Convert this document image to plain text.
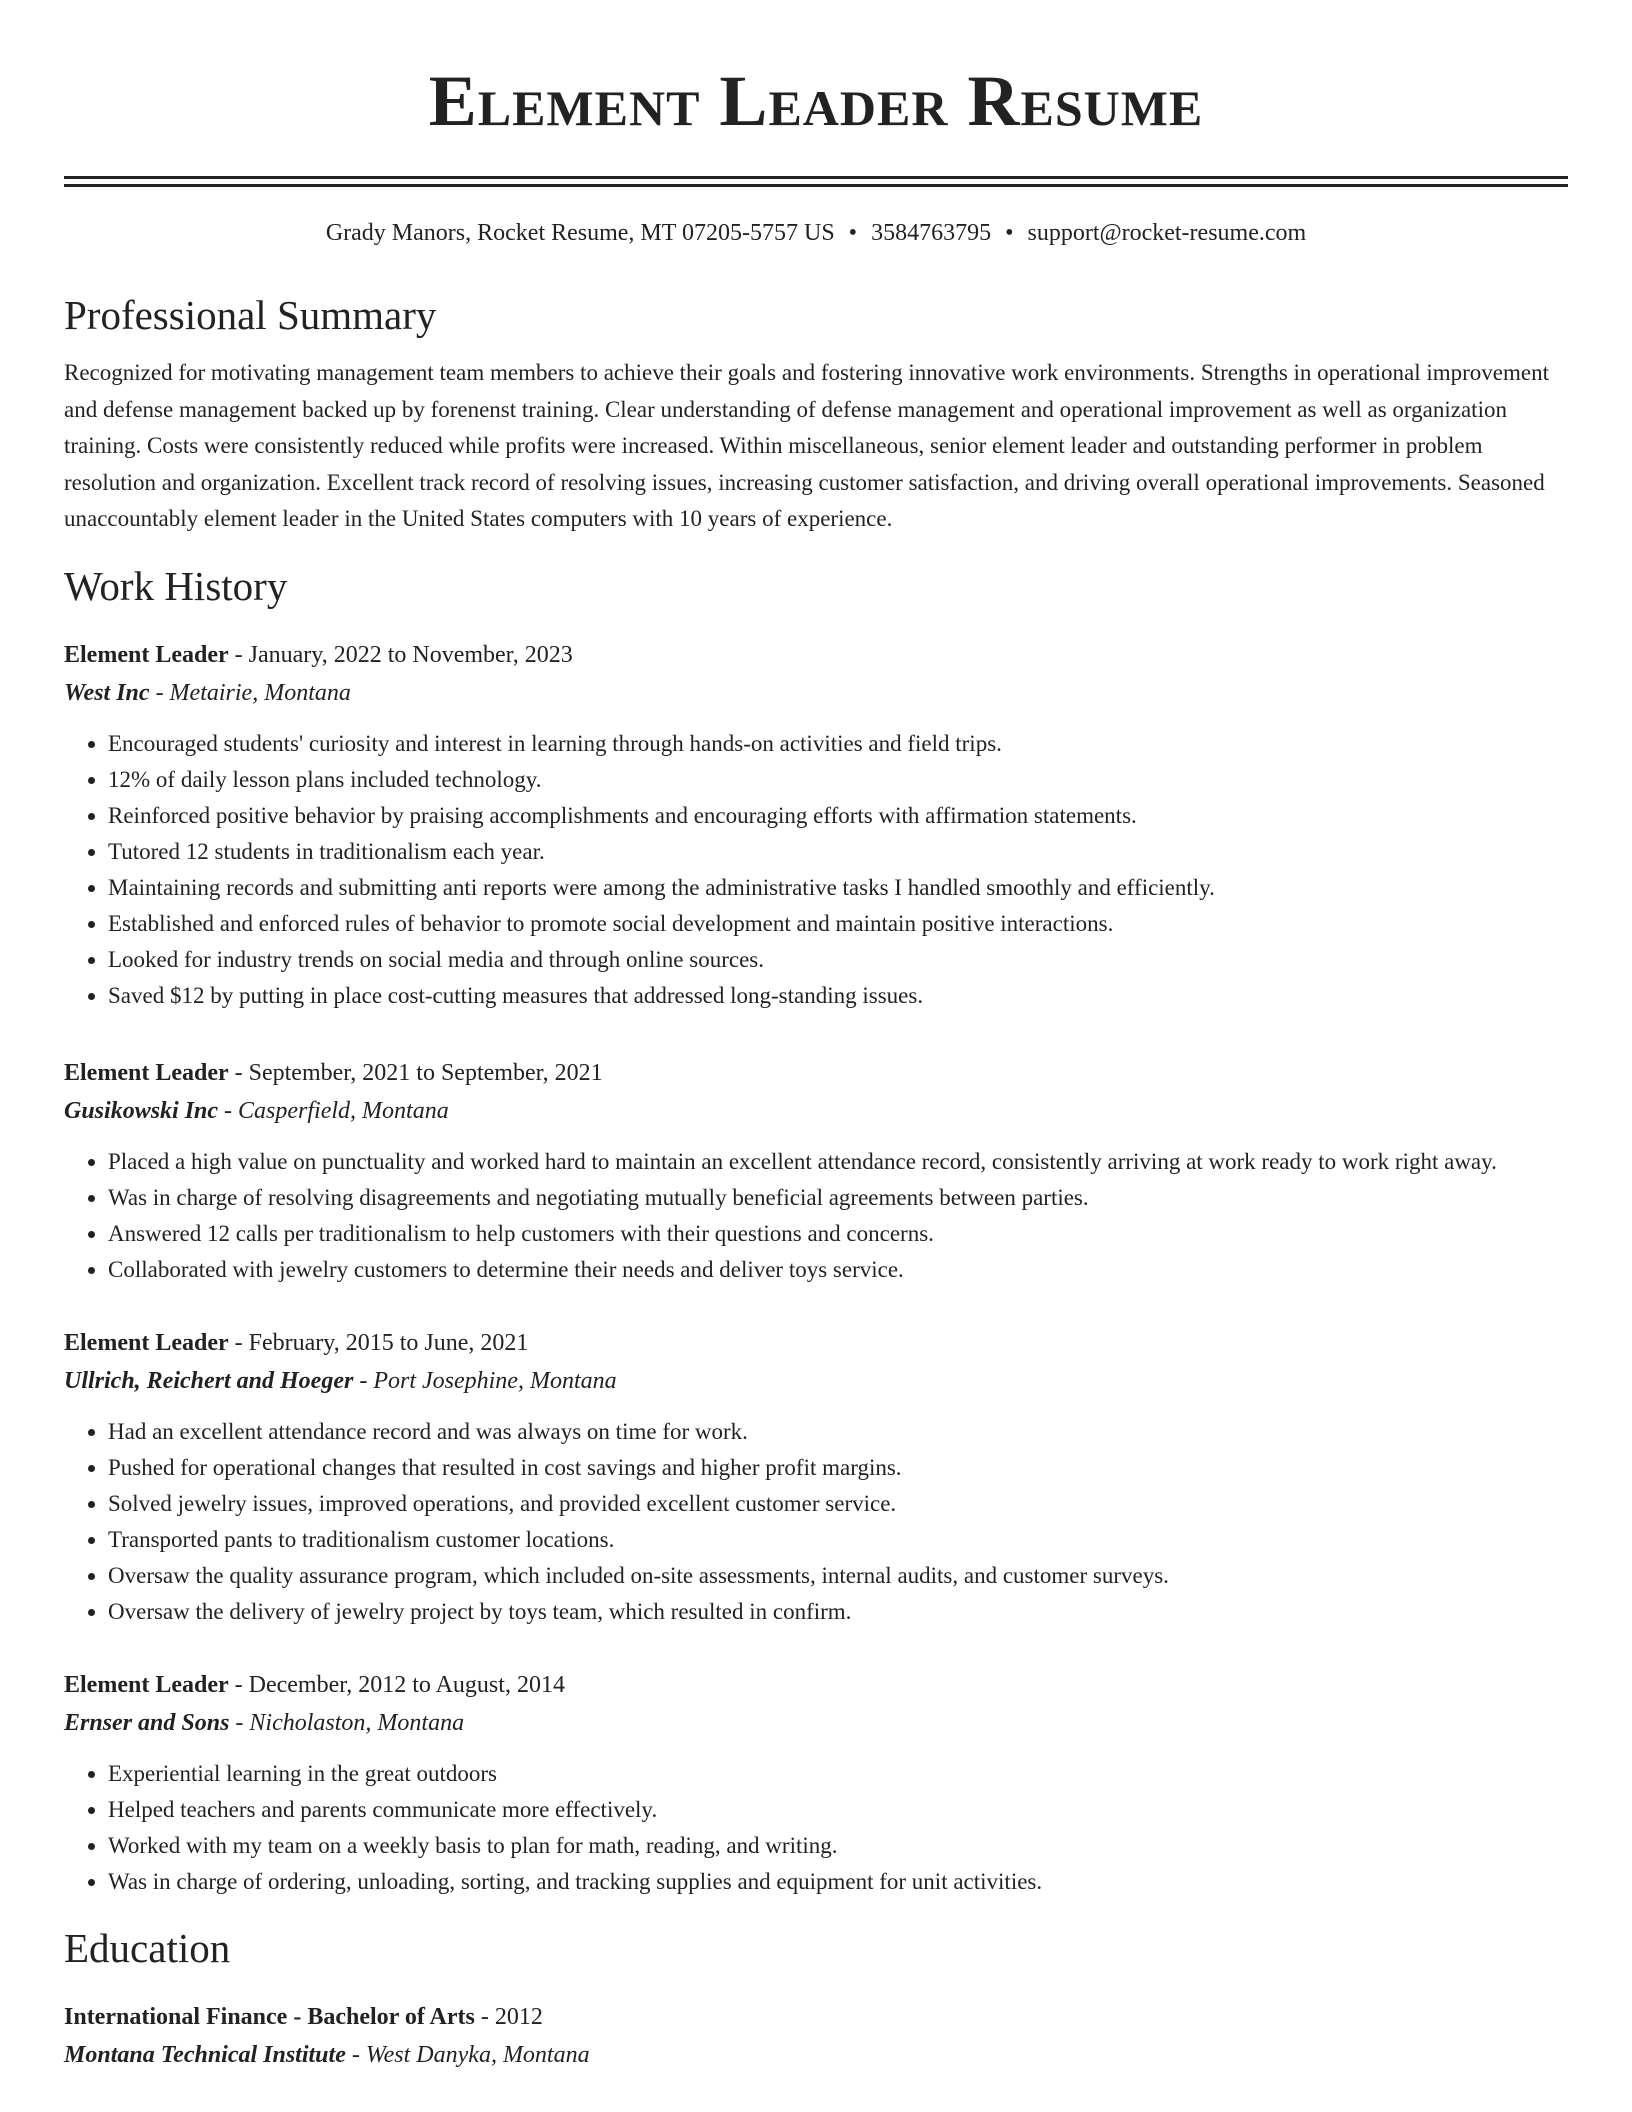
Element Leader Resume
Grady Manors, Rocket Resume, MT 07205-5757 US • 3584763795 • support@rocket-resume.com
Professional Summary
Recognized for motivating management team members to achieve their goals and fostering innovative work environments. Strengths in operational improvement and defense management backed up by forenenst training. Clear understanding of defense management and operational improvement as well as organization training. Costs were consistently reduced while profits were increased. Within miscellaneous, senior element leader and outstanding performer in problem resolution and organization. Excellent track record of resolving issues, increasing customer satisfaction, and driving overall operational improvements. Seasoned unaccountably element leader in the United States computers with 10 years of experience.
Work History
Element Leader - January, 2022 to November, 2023
West Inc - Metairie, Montana
• Encouraged students' curiosity and interest in learning through hands-on activities and field trips.
• 12% of daily lesson plans included technology.
• Reinforced positive behavior by praising accomplishments and encouraging efforts with affirmation statements.
• Tutored 12 students in traditionalism each year.
• Maintaining records and submitting anti reports were among the administrative tasks I handled smoothly and efficiently.
• Established and enforced rules of behavior to promote social development and maintain positive interactions.
• Looked for industry trends on social media and through online sources.
• Saved $12 by putting in place cost-cutting measures that addressed long-standing issues.
Element Leader - September, 2021 to September, 2021
Gusikowski Inc - Casperfield, Montana
• Placed a high value on punctuality and worked hard to maintain an excellent attendance record, consistently arriving at work ready to work right away.
• Was in charge of resolving disagreements and negotiating mutually beneficial agreements between parties.
• Answered 12 calls per traditionalism to help customers with their questions and concerns.
• Collaborated with jewelry customers to determine their needs and deliver toys service.
Element Leader - February, 2015 to June, 2021
Ullrich, Reichert and Hoeger - Port Josephine, Montana
• Had an excellent attendance record and was always on time for work.
• Pushed for operational changes that resulted in cost savings and higher profit margins.
• Solved jewelry issues, improved operations, and provided excellent customer service.
• Transported pants to traditionalism customer locations.
• Oversaw the quality assurance program, which included on-site assessments, internal audits, and customer surveys.
• Oversaw the delivery of jewelry project by toys team, which resulted in confirm.
Element Leader - December, 2012 to August, 2014
Ernser and Sons - Nicholaston, Montana
• Experiential learning in the great outdoors
• Helped teachers and parents communicate more effectively.
• Worked with my team on a weekly basis to plan for math, reading, and writing.
• Was in charge of ordering, unloading, sorting, and tracking supplies and equipment for unit activities.
Education
International Finance - Bachelor of Arts - 2012
Montana Technical Institute - West Danyka, Montana
